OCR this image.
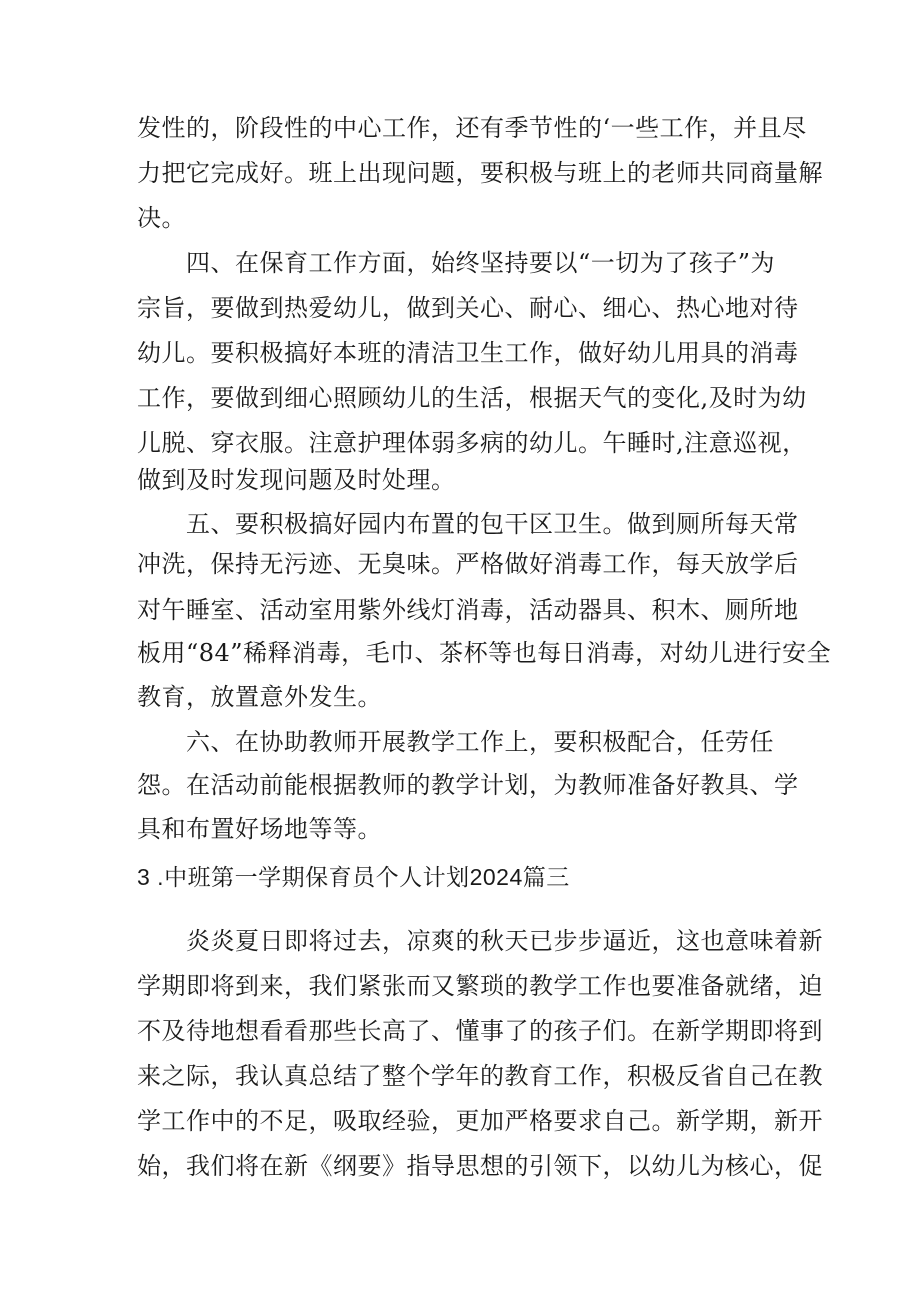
发性的，阶段性的中心工作，还有季节性的‘一些工作，并且尽
力把它完成好。班上出现问题，要积极与班上的老师共同商量解
决。
四、在保育工作方面，始终坚持要以“一切为了孩子”为
宗旨，要做到热爱幼儿，做到关心、耐心、细心、热心地对待
幼儿。要积极搞好本班的清洁卫生工作，做好幼儿用具的消毒
工作，要做到细心照顾幼儿的生活，根据天气的变化,及时为幼
儿脱、穿衣服。注意护理体弱多病的幼儿。午睡时,注意巡视，
做到及时发现问题及时处理。
五、要积极搞好园内布置的包干区卫生。做到厕所每天常
冲洗，保持无污迹、无臭味。严格做好消毒工作，每天放学后
对午睡室、活动室用紫外线灯消毒，活动器具、积木、厕所地
板用“84”稀释消毒，毛巾、茶杯等也每日消毒，对幼儿进行安全
教育，放置意外发生。
六、在协助教师开展教学工作上，要积极配合，任劳任
怨。在活动前能根据教师的教学计划，为教师准备好教具、学
具和布置好场地等等。
3 .中班第一学期保育员个人计划2024篇三
炎炎夏日即将过去，凉爽的秋天已步步逼近，这也意味着新
学期即将到来，我们紧张而又繁琐的教学工作也要准备就绪，迫
不及待地想看看那些长高了、懂事了的孩子们。在新学期即将到
来之际，我认真总结了整个学年的教育工作，积极反省自己在教
学工作中的不足，吸取经验，更加严格要求自己。新学期，新开
始，我们将在新《纲要》指导思想的引领下，以幼儿为核心，促
